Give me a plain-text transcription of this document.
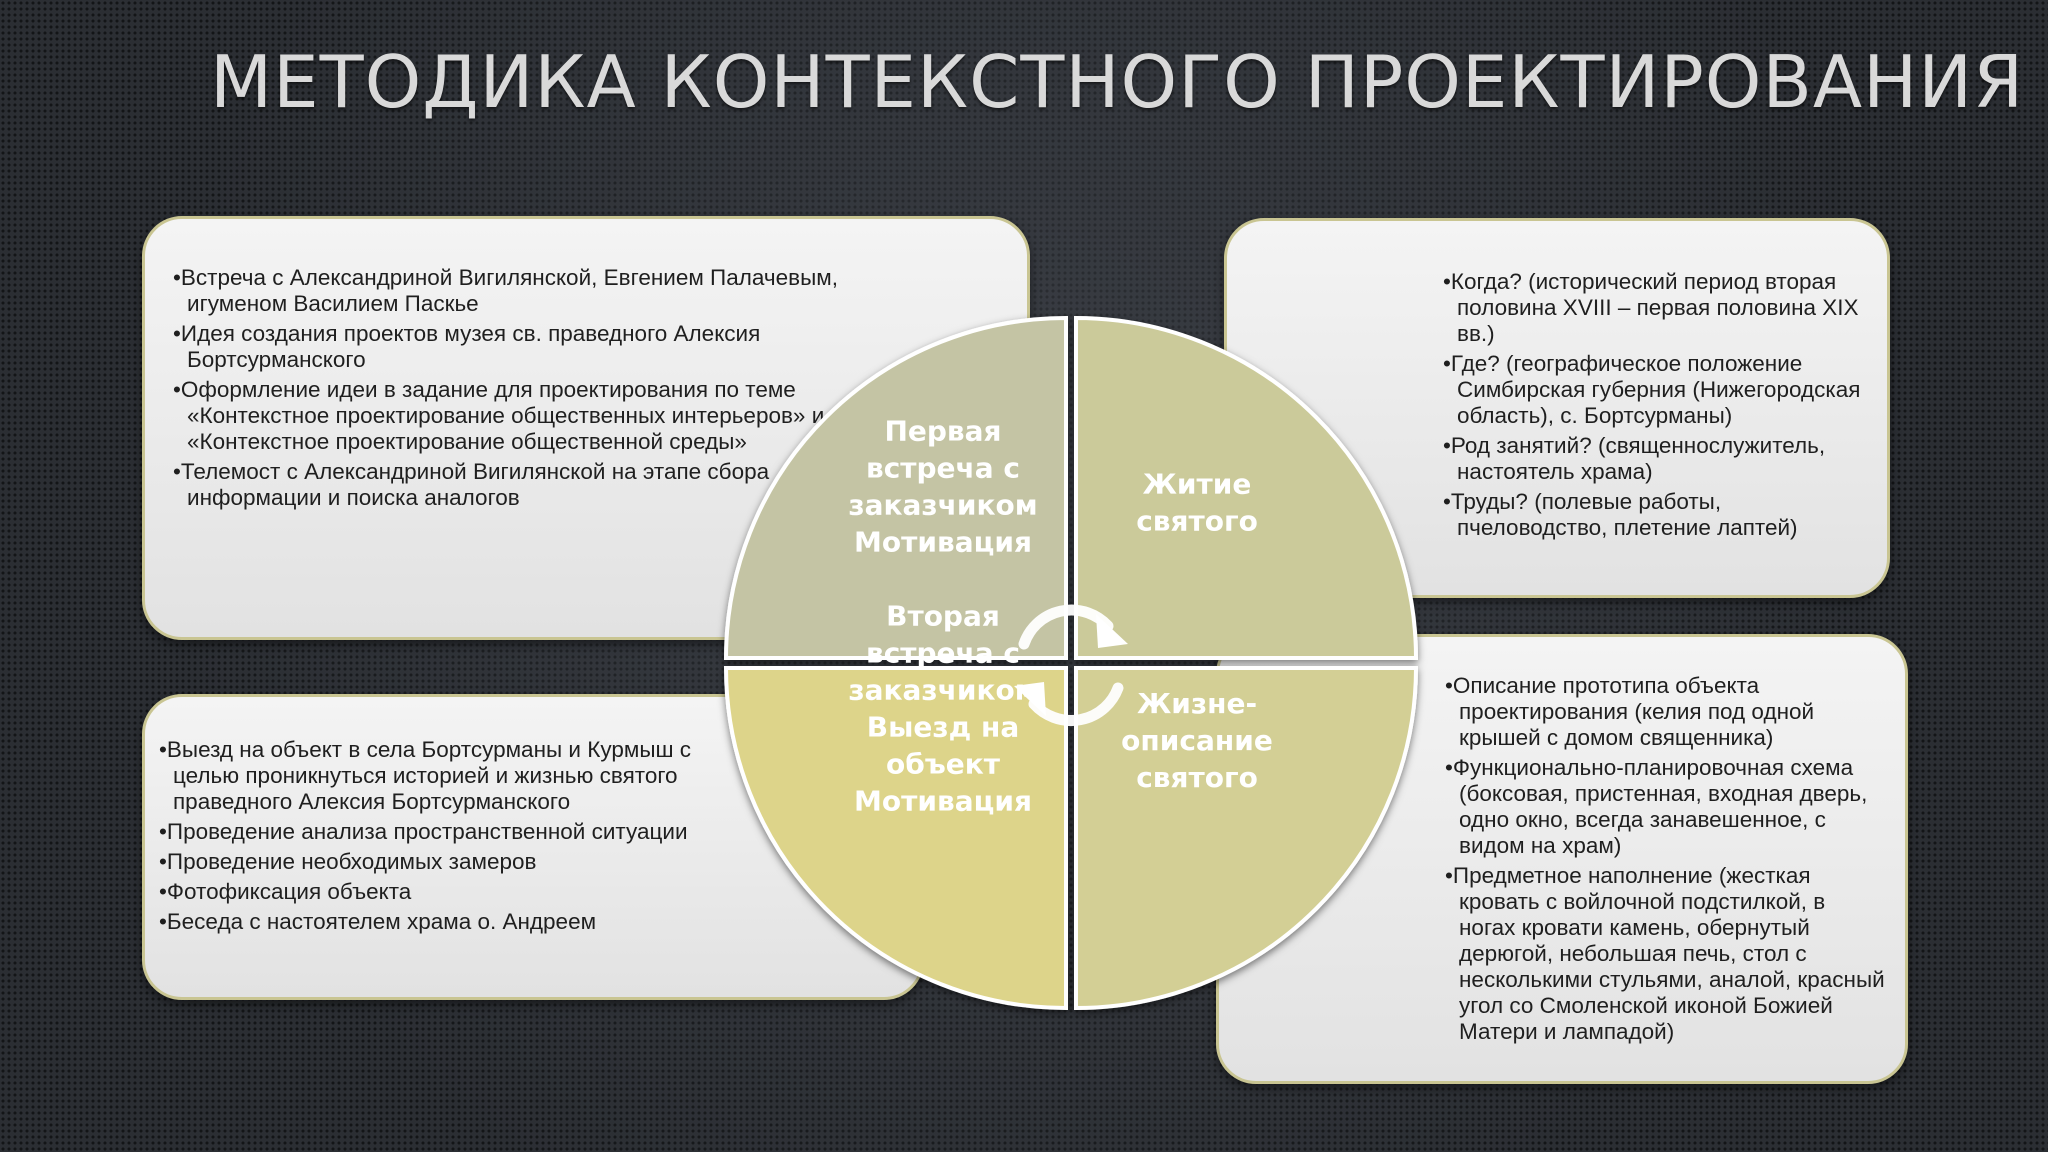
МЕТОДИКА КОНТЕКСТНОГО ПРОЕКТИРОВАНИЯ
• Встреча с Александриной Вигилянской, Евгением Палачевым, игуменом Василием Паскье
• Идея создания проектов музея св. праведного Алексия Бортсурманского
• Оформление идеи в задание для проектирования по теме «Контекстное проектирование общественных интерьеров» и «Контекстное проектирование общественной среды»
• Телемост с Александриной Вигилянской на этапе сбора информации и поиска аналогов
• Когда? (исторический период вторая половина XVIII – первая половина XIX вв.)
• Где? (географическое положение Симбирская губерния (Нижегородская область), с. Бортсурманы)
• Род занятий? (священнослужитель, настоятель храма)
• Труды? (полевые работы, пчеловодство, плетение лаптей)
• Выезд на объект в села Бортсурманы и Курмыш с целью проникнуться историей и жизнью святого праведного Алексия Бортсурманского
• Проведение анализа пространственной ситуации
• Проведение необходимых замеров
• Фотофиксация объекта
• Беседа с настоятелем храма о. Андреем
• Описание прототипа объекта проектирования (келия под одной крышей с домом священника)
• Функционально-планировочная схема (боксовая, пристенная, входная дверь, одно окно, всегда занавешенное, с видом на храм)
• Предметное наполнение (жесткая кровать с войлочной подстилкой, в ногах кровати камень, обернутый дерюгой, небольшая печь, стол с несколькими стульями, аналой, красный угол со Смоленской иконой Божией Матери и лампадой)
Первая встреча с заказчиком Мотивация
Житие святого
Вторая встреча с заказчиком Выезд на объект Мотивация
Жизне-описание святого
